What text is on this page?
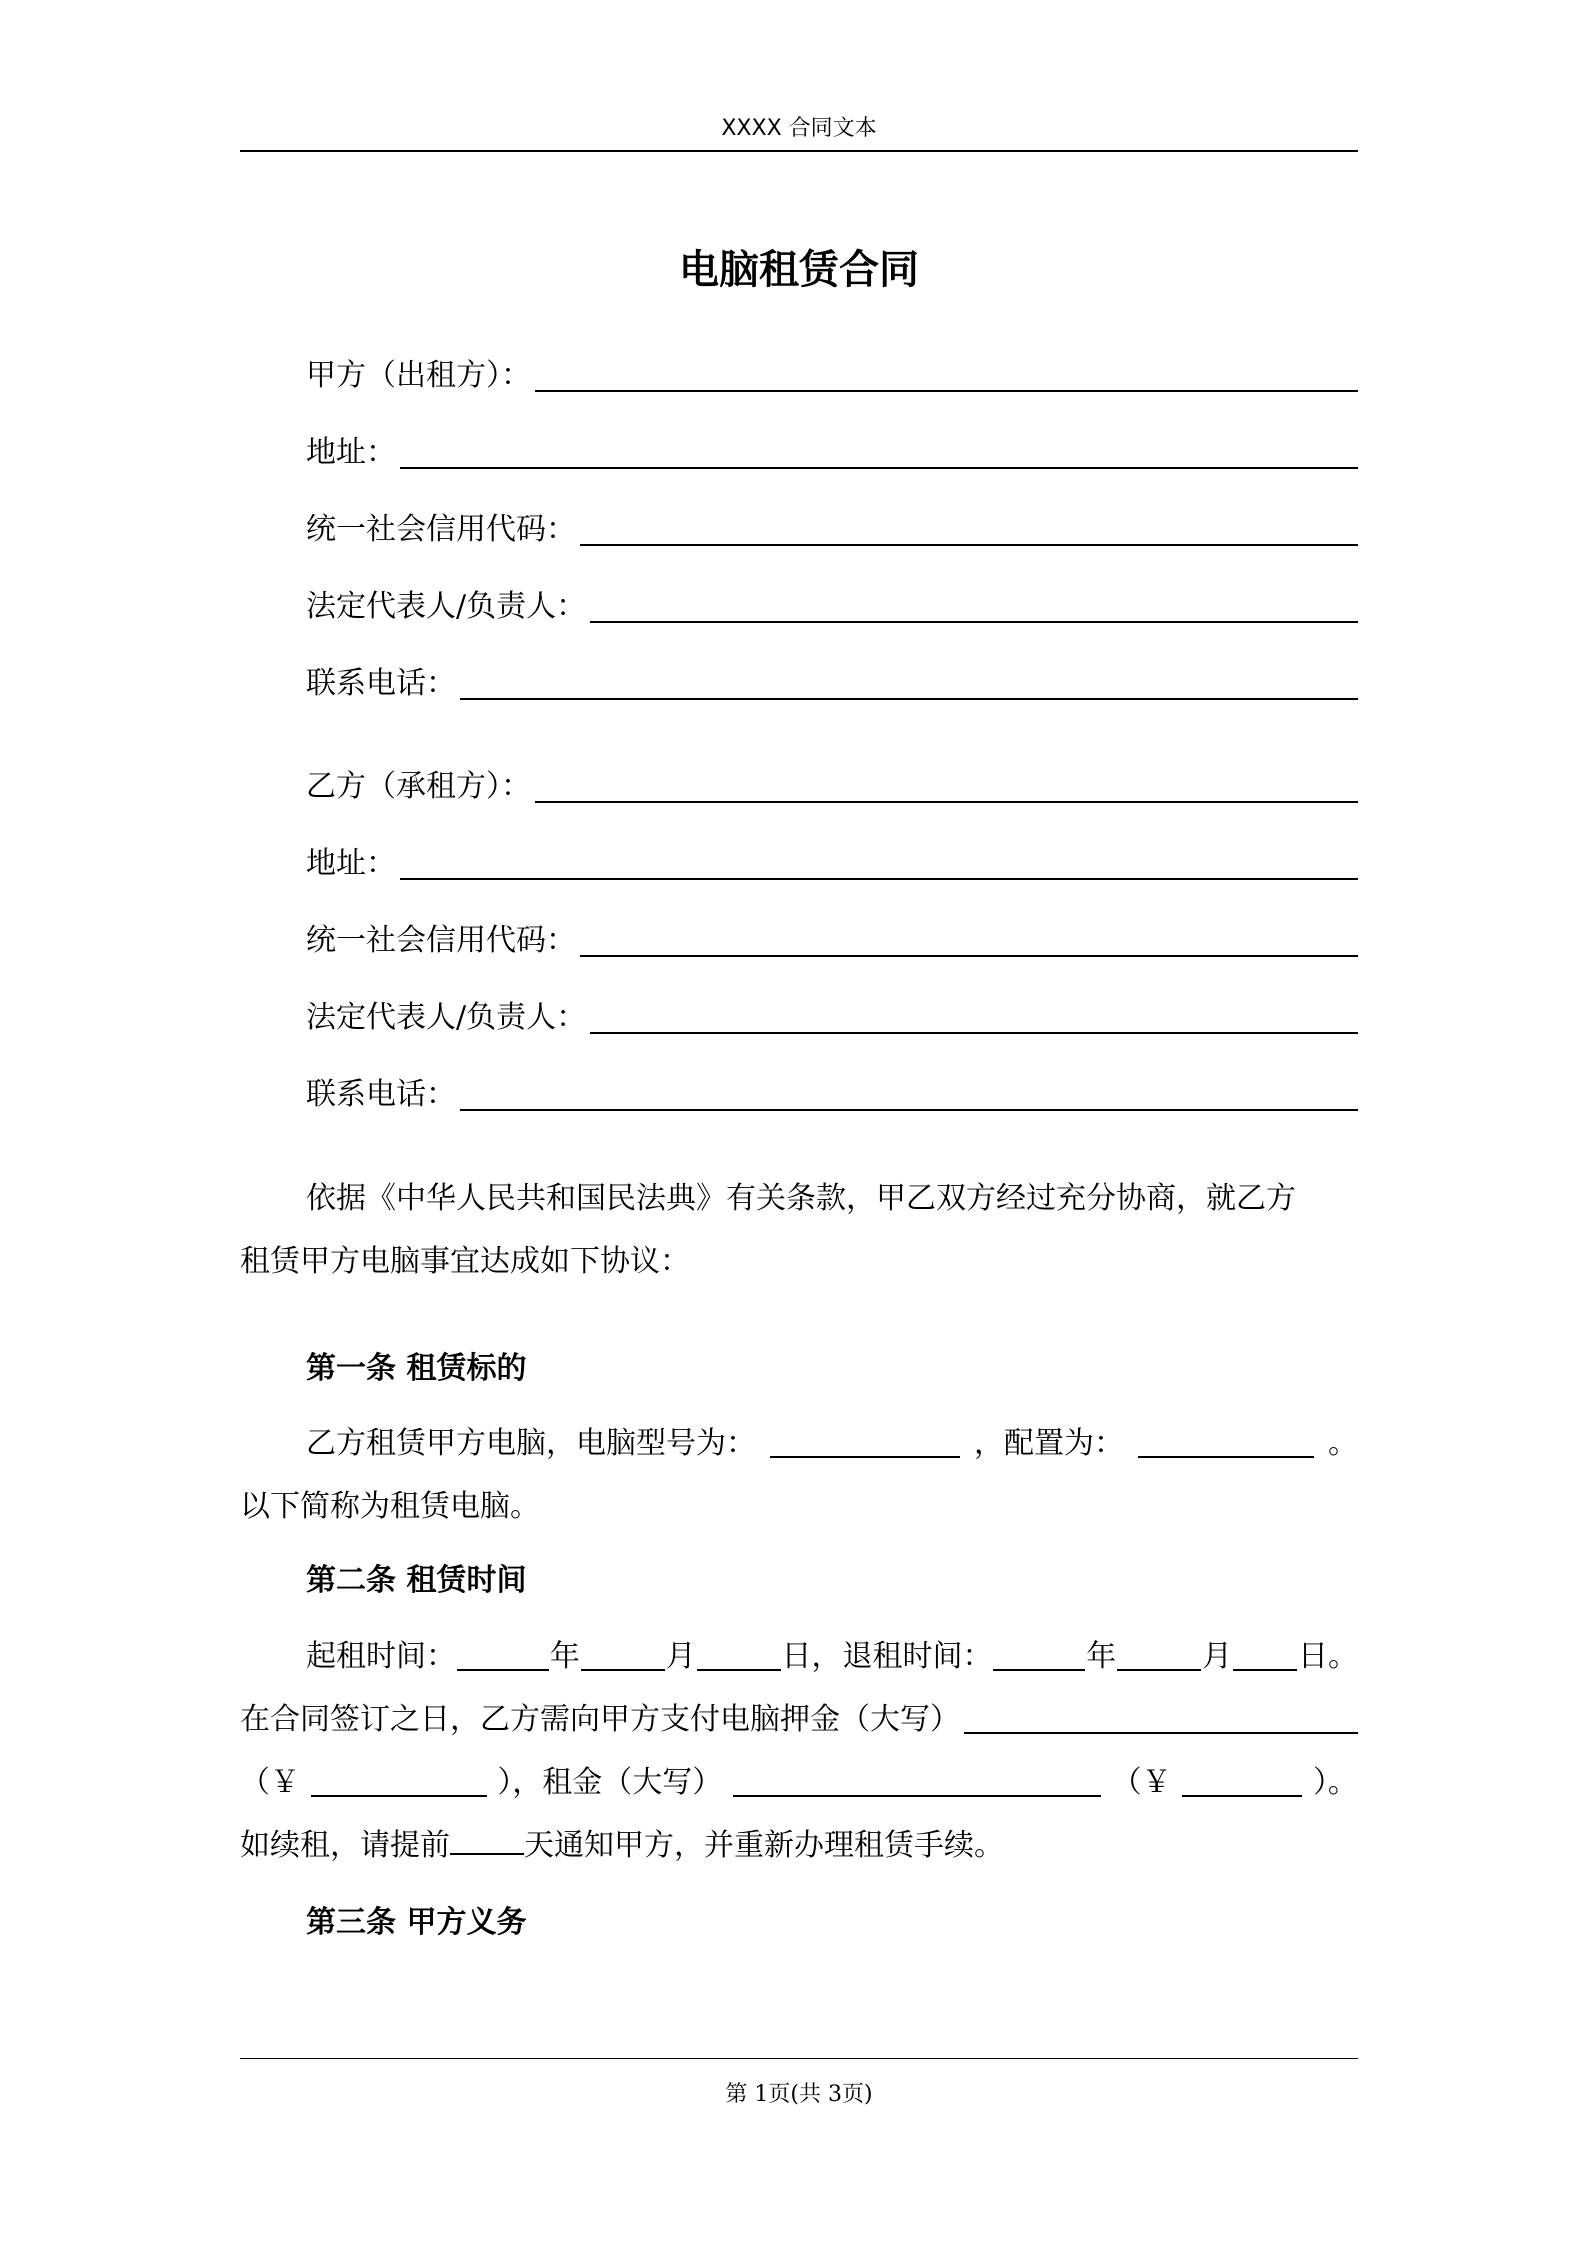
XXXX 合同文本
电脑租赁合同
甲方（出租方）：
地址：
统一社会信用代码：
法定代表人/负责人：
联系电话：
乙方（承租方）：
地址：
统一社会信用代码：
法定代表人/负责人：
联系电话：
依据《中华人民共和国民法典》有关条款，甲乙双方经过充分协商，就乙方
租赁甲方电脑事宜达成如下协议：
第一条 租赁标的
乙方租赁甲方电脑，电脑型号为：	，配置为：	。
以下简称为租赁电脑。
第二条 租赁时间
起租时间：	年	月	日， 退租时间：	年	月 日。
在合同签订之日，乙方需向甲方支付电脑押金（大写）
（￥	），租金（大写）	（￥	）。
如续租，请提前 天通知甲方，并重新办理租赁手续。
第三条 甲方义务
第 1页(共 3页)
